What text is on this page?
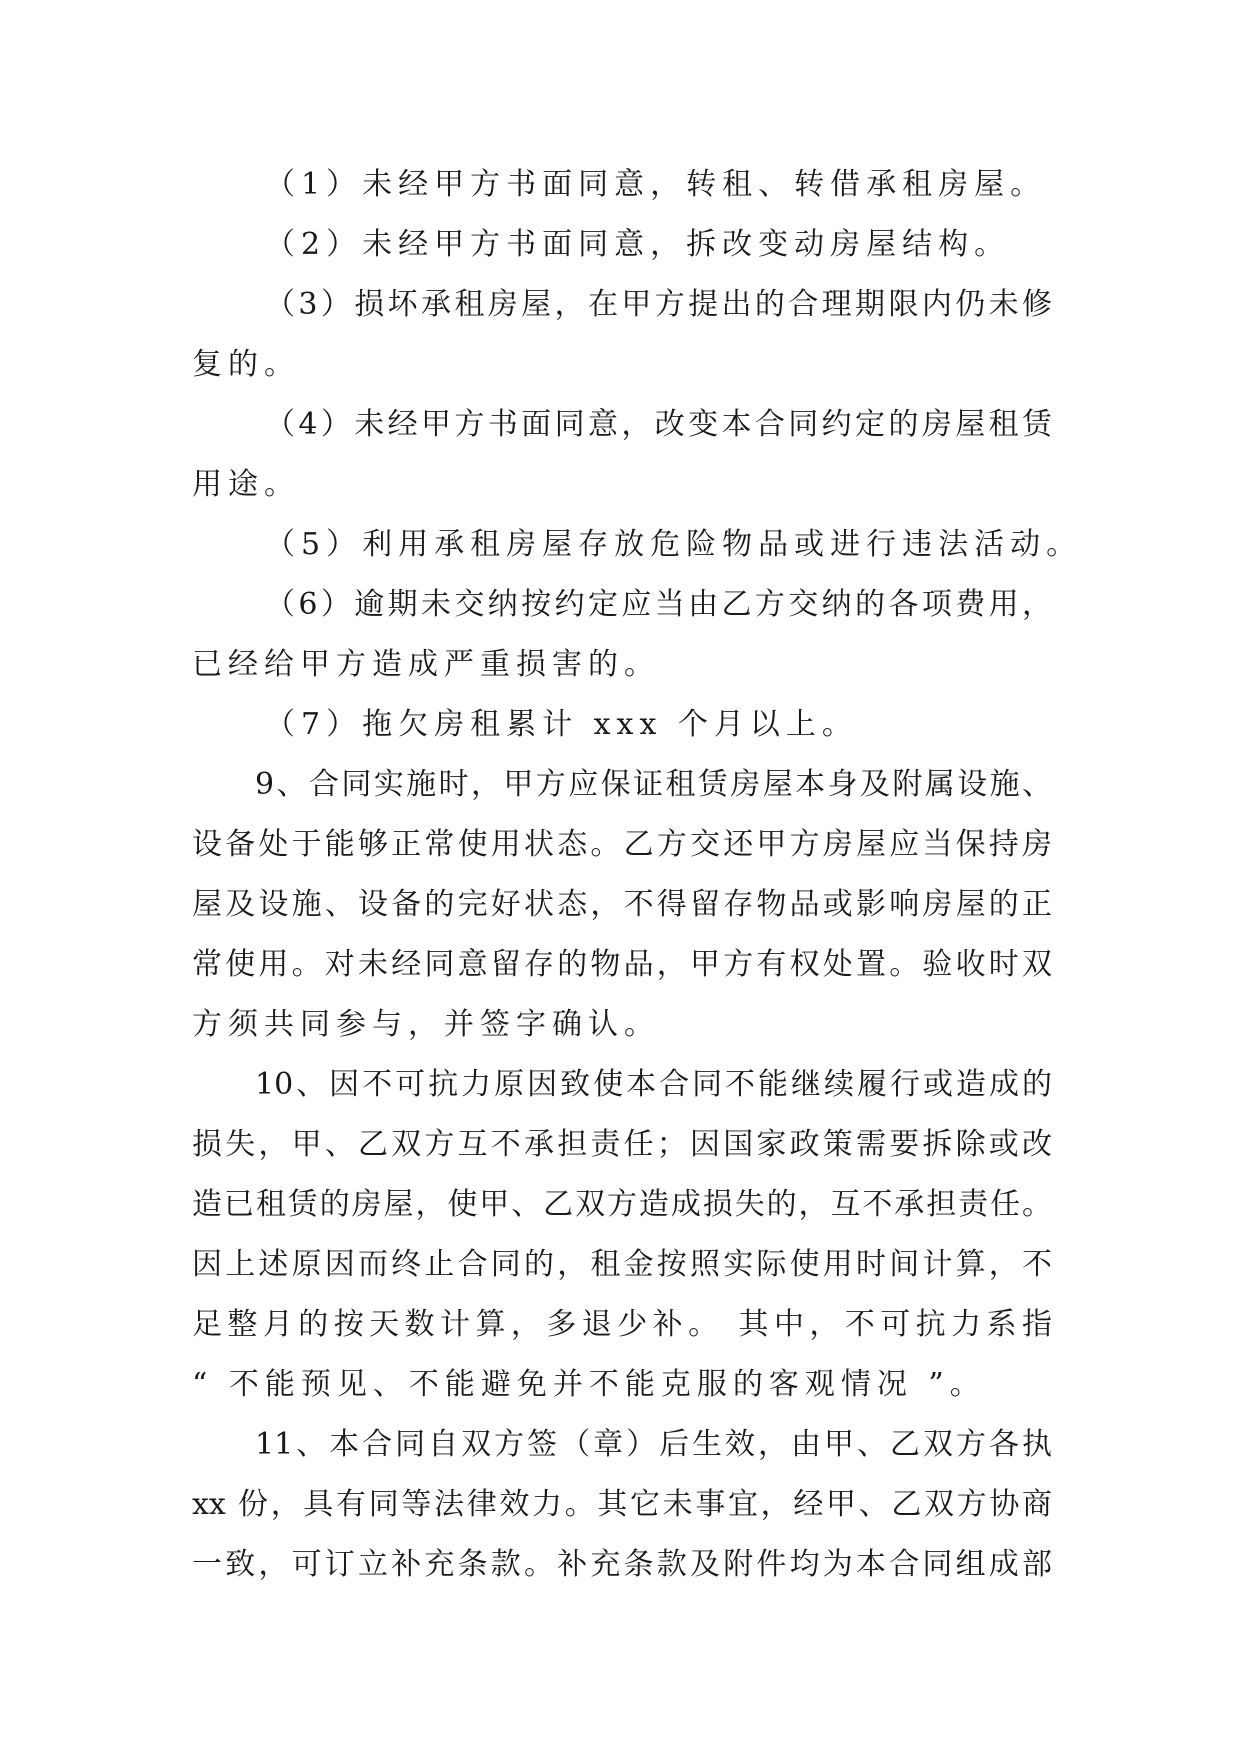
（1）未经甲方书面同意，转租、转借承租房屋。
（2）未经甲方书面同意，拆改变动房屋结构。
（3）损坏承租房屋，在甲方提出的合理期限内仍未修
复的。
（4）未经甲方书面同意，改变本合同约定的房屋租赁
用途。
（5）利用承租房屋存放危险物品或进行违法活动。
（6）逾期未交纳按约定应当由乙方交纳的各项费用，
已经给甲方造成严重损害的。
（7）拖欠房租累计 xxx 个月以上。
9、合同实施时，甲方应保证租赁房屋本身及附属设施、
设备处于能够正常使用状态。乙方交还甲方房屋应当保持房
屋及设施、设备的完好状态，不得留存物品或影响房屋的正
常使用。对未经同意留存的物品，甲方有权处置。验收时双
方须共同参与，并签字确认。
10、因不可抗力原因致使本合同不能继续履行或造成的
损失，甲、乙双方互不承担责任；因国家政策需要拆除或改
造已租赁的房屋，使甲、乙双方造成损失的，互不承担责任。
因上述原因而终止合同的，租金按照实际使用时间计算，不
足整月的按天数计算，多退少补。 其中，不可抗力系指
“ 不能预见、不能避免并不能克服的客观情况 ”。
11、本合同自双方签（章）后生效，由甲、乙双方各执
xx 份，具有同等法律效力。其它未事宜，经甲、乙双方协商
一致，可订立补充条款。补充条款及附件均为本合同组成部
